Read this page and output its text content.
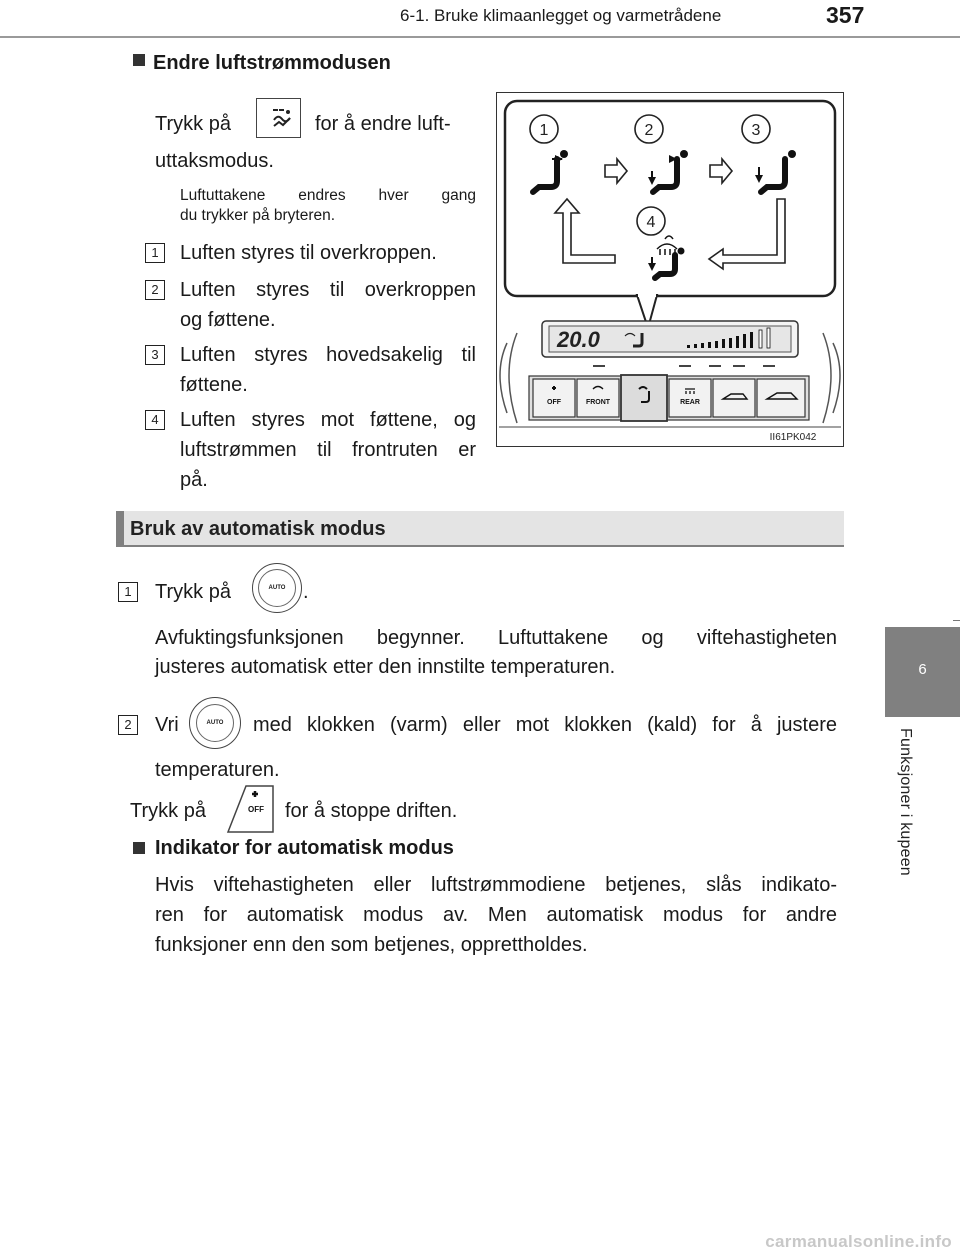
6-1. Bruke klimaanlegget og varmetrådene	357
6
Funksjoner i kupeen
Endre luftstrømmodusen
Trykk på	for å endre luft-
uttaksmodus.
Luftuttakene endres hver gang
du trykker på bryteren.
1	Luften styres til overkroppen.
2	Luften styres til overkroppen
og føttene.
3	Luften styres hovedsakelig til
føttene.
4	Luften styres mot føttene, og
luftstrømmen til frontruten er
på.
1	2	3
4
20.0
OFF	FRONT	REAR
II61PK042
Bruk av automatisk modus
1	Trykk på	AUTO .
Avfuktingsfunksjonen begynner. Luftuttakene og viftehastigheten
justeres automatisk etter den innstilte temperaturen.
2	Vri	AUTO	med klokken (varm) eller mot klokken (kald) for å justere
temperaturen.
Trykk på	OFF for å stoppe driften.
Indikator for automatisk modus
Hvis viftehastigheten eller luftstrømmodiene betjenes, slås indikato-
ren for automatisk modus av. Men automatisk modus for andre
funksjoner enn den som betjenes, opprettholdes.
carmanualsonline.info
